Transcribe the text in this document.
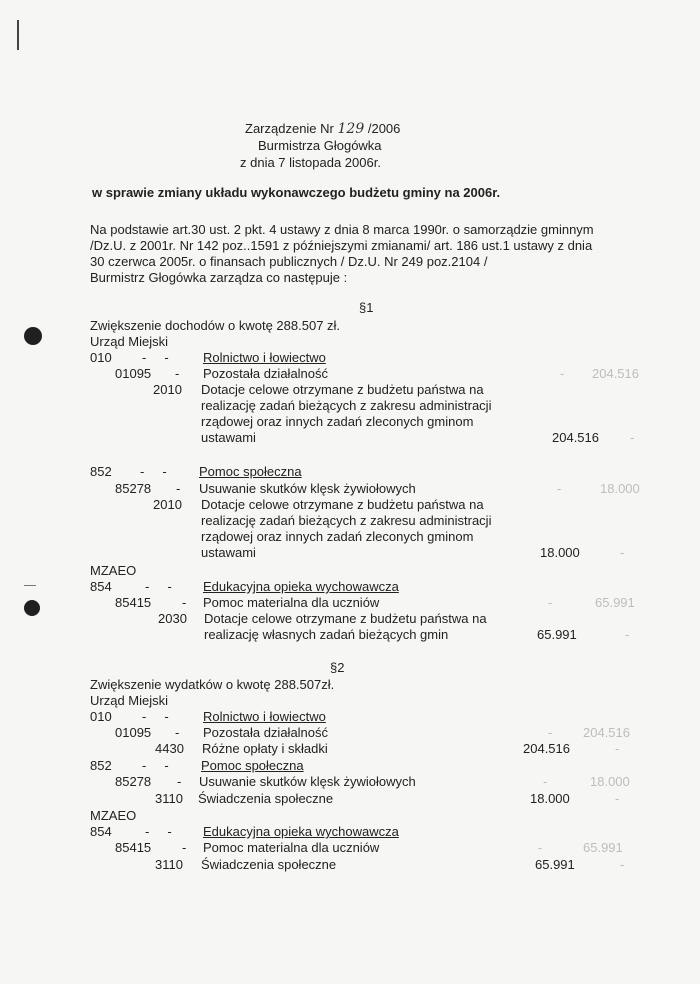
Zarządzenie Nr 129 /2006
Burmistrza Głogówka
z dnia 7 listopada 2006r.
w sprawie zmiany układu wykonawczego budżetu gminy na 2006r.
Na podstawie art.30 ust. 2 pkt. 4 ustawy z dnia 8 marca 1990r. o samorządzie gminnym
/Dz.U. z 2001r. Nr 142 poz..1591 z późniejszymi zmianami/ art. 186 ust.1 ustawy z dnia
30 czerwca 2005r. o finansach publicznych / Dz.U. Nr 249 poz.2104 /
Burmistrz Głogówka zarządza co następuje :
§1
Zwiększenie dochodów o kwotę 288.507 zł.
Urząd Miejski
010 -     -	Rolnictwo i łowiectwo
01095 - Pozostała działalność	- 204.516
2010 Dotacje celowe otrzymane z budżetu państwa na
realizację zadań bieżących z zakresu administracji
rządowej oraz innych zadań zleconych gminom
ustawami	204.516 -
852 -     - Pomoc społeczna
85278 - Usuwanie skutków klęsk żywiołowych	-	18.000
2010 Dotacje celowe otrzymane z budżetu państwa na
realizację zadań bieżących z zakresu administracji
rządowej oraz innych zadań zleconych gminom
ustawami	18.000	-
MZAEO
854	-     - Edukacyjna opieka wychowawcza
85415 - Pomoc materialna dla uczniów	-	65.991
2030 Dotacje celowe otrzymane z budżetu państwa na
realizację własnych zadań bieżących gmin	65.991	-
§2
Zwiększenie wydatków o kwotę 288.507zł.
Urząd Miejski
010 -     -	Rolnictwo i łowiectwo
01095 - Pozostała działalność	- 204.516
4430 Różne opłaty i składki	204.516	-
852 -     - Pomoc społeczna
85278 - Usuwanie skutków klęsk żywiołowych	-	18.000
3110 Świadczenia społeczne	18.000	-
MZAEO
854	-     - Edukacyjna opieka wychowawcza
85415 - Pomoc materialna dla uczniów	-	65.991
3110 Świadczenia społeczne	65.991	-
